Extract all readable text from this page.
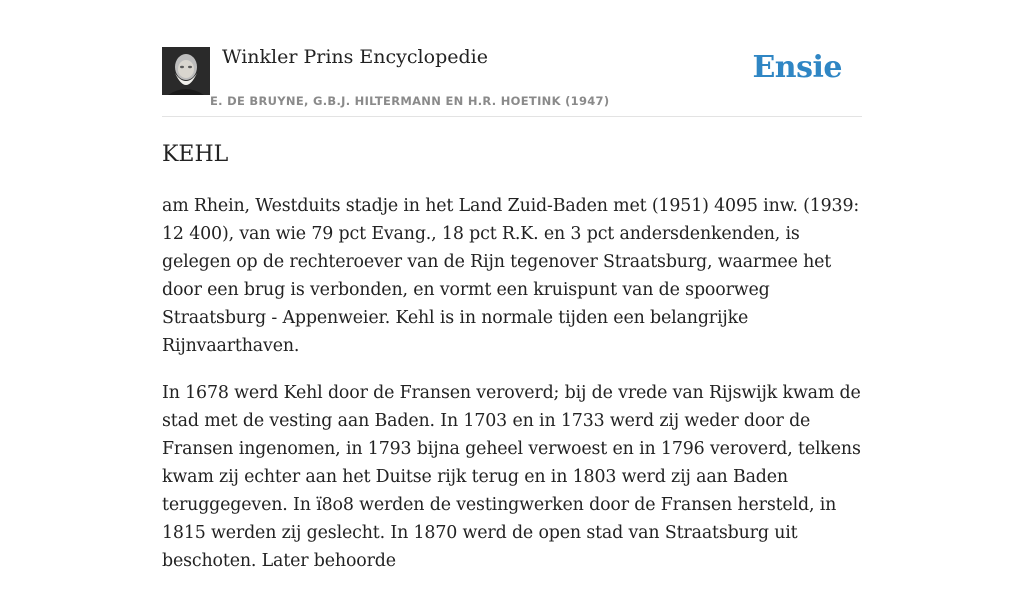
Winkler Prins Encyclopedie
E. DE BRUYNE, G.B.J. HILTERMANN EN H.R. HOETINK (1947)
Ensie
KEHL

am Rhein, Westduits stadje in het Land Zuid-Baden met (1951) 4095 inw. (1939: 12 400), van wie 79 pct Evang., 18 pct R.K. en 3 pct andersdenkenden, is gelegen op de rechteroever van de Rijn tegenover Straatsburg, waarmee het door een brug is verbonden, en vormt een kruispunt van de spoorweg Straatsburg - Appenweier. Kehl is in normale tijden een belangrijke Rijnvaarthaven.

In 1678 werd Kehl door de Fransen veroverd; bij de vrede van Rijswijk kwam de stad met de vesting aan Baden. In 1703 en in 1733 werd zij weder door de Fransen ingenomen, in 1793 bijna geheel verwoest en in 1796 veroverd, telkens kwam zij echter aan het Duitse rijk terug en in 1803 werd zij aan Baden teruggegeven. In ï8o8 werden de vestingwerken door de Fransen hersteld, in 1815 werden zij geslecht. In 1870 werd de open stad van Straatsburg uit beschoten. Later behoorde
